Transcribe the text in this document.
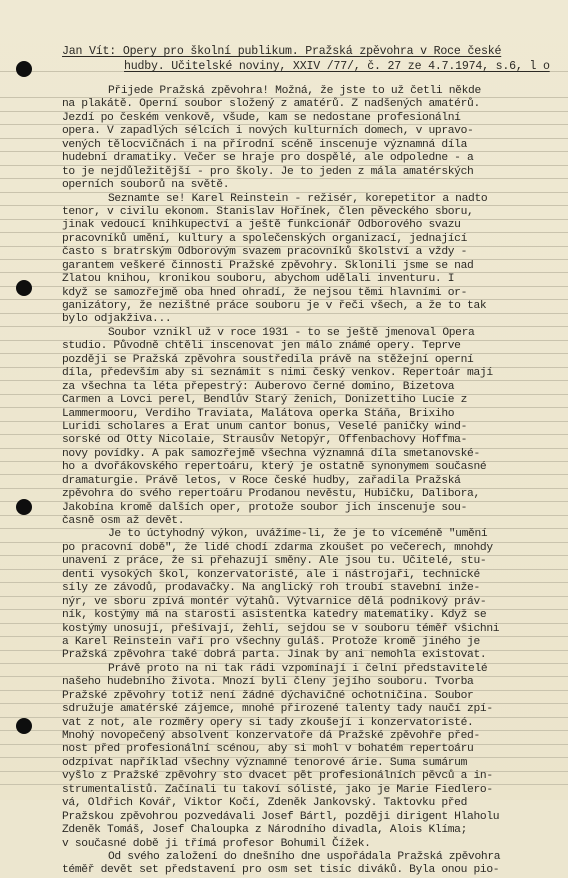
Jan Vít: Opery pro školní publikum. Pražská zpěvohra v Roce české
hudby. Učitelské noviny, XXIV /77/, č. 27 ze 4.7.1974, s.6, l o
Přijede Pražská zpěvohra! Možná, že jste to už četli někde
na plakátě. Operní soubor složený z amatérů. Z nadšených amatérů.
Jezdí po českém venkově, všude, kam se nedostane profesionální
opera. V zapadlých sélcích i nových kulturních domech, v upravo-
vených tělocvičnách i na přírodní scéně inscenuje významná díla
hudební dramatiky. Večer se hraje pro dospělé, ale odpoledne - a
to je nejdůležitější - pro školy. Je to jeden z mála amatérských
operních souborů na světě.
Seznamte se! Karel Reinstein - režisér, korepetitor a nadto
tenor, v civilu ekonom. Stanislav Hořínek, člen pěveckého sboru,
jinak vedoucí knihkupectví a ještě funkcionář Odborového svazu
pracovníků umění, kultury a společenských organizací, jednající
často s bratrským Odborovým svazem pracovníků školství a vždy -
garantem veškeré činnosti Pražské zpěvohry. Sklonili jsme se nad
Zlatou knihou, kronikou souboru, abychom udělali inventuru. I
když se samozřejmě oba hned ohradí, že nejsou těmi hlavními or-
ganizátory, že nezištné práce souboru je v řeči všech, a že to tak
bylo odjakživa...
Soubor vznikl už v roce 1931 - to se ještě jmenoval Opera
studio. Původně chtěli inscenovat jen málo známé opery. Teprve
později se Pražská zpěvohra soustředila právě na stěžejní operní
díla, především aby si seznámit s nimi český venkov. Repertoár mají
za všechna ta léta přepestrý: Auberovo černé domino, Bizetova
Carmen a Lovci perel, Bendlův Starý ženich, Donizettiho Lucie z
Lammermooru, Verdiho Traviata, Malátova operka Stáňa, Brixiho
Luridi scholares a Erat unum cantor bonus, Veselé paničky wind-
sorské od Otty Nicolaie, Strausův Netopýr, Offenbachovy Hoffma-
novy povídky. A pak samozřejmě všechna významná díla smetanovské-
ho a dvořákovského repertoáru, který je ostatně synonymem současné
dramaturgie. Právě letos, v Roce české hudby, zařadila Pražská
zpěvohra do svého repertoáru Prodanou nevěstu, Hubičku, Dalibora,
Jakobína kromě dalších oper, protože soubor jich inscenuje sou-
časně osm až devět.
Je to úctyhodný výkon, uvážíme-li, že je to víceméně "umění
po pracovní době", že lidé chodí zdarma zkoušet po večerech, mnohdy
unavení z práce, že si přehazují směny. Ale jsou tu. Učitelé, stu-
denti vysokých škol, konzervatoristé, ale i nástrojaři, technické
síly ze závodů, prodavačky. Na anglický roh troubí stavební inže-
nýr, ve sboru zpívá montér výtahů. Výtvarnice dělá podnikový práv-
ník, kostýmy má na starosti asistentka katedry matematiky. Když se
kostýmy unosují, přešívají, žehlí, sejdou se v souboru téměř všichni
a Karel Reinstein vaří pro všechny guláš. Protože kromě jiného je
Pražská zpěvohra také dobrá parta. Jinak by ani nemohla existovat.
Právě proto na ni tak rádi vzpomínají i čelní představitelé
našeho hudebního života. Mnozí byli členy jejího souboru. Tvorba
Pražské zpěvohry totiž není žádné dýchavičné ochotničina. Soubor
sdružuje amatérské zájemce, mnohé přirozené talenty tady naučí zpí-
vat z not, ale rozměry opery si tady zkoušejí i konzervatoristé.
Mnohý novopečený absolvent konzervatoře dá Pražské zpěvohře před-
nost před profesionální scénou, aby si mohl v bohatém repertoáru
odzpívat například všechny významné tenorové árie. Suma sumárum
vyšlo z Pražské zpěvohry sto dvacet pět profesionálních pěvců a in-
strumentalistů. Začínali tu takoví sólisté, jako je Marie Fiedlero-
vá, Oldřich Kovář, Viktor Kočí, Zdeněk Jankovský. Taktovku před
Pražskou zpěvohrou pozvedávali Josef Bártl, později dirigent Hlaholu
Zdeněk Tomáš, Josef Chaloupka z Národního divadla, Alois Klíma;
v současné době ji třímá profesor Bohumil Čížek.
Od svého založení do dnešního dne uspořádala Pražská zpěvohra
téměř devět set představení pro osm set tisíc diváků. Byla onou pio-
